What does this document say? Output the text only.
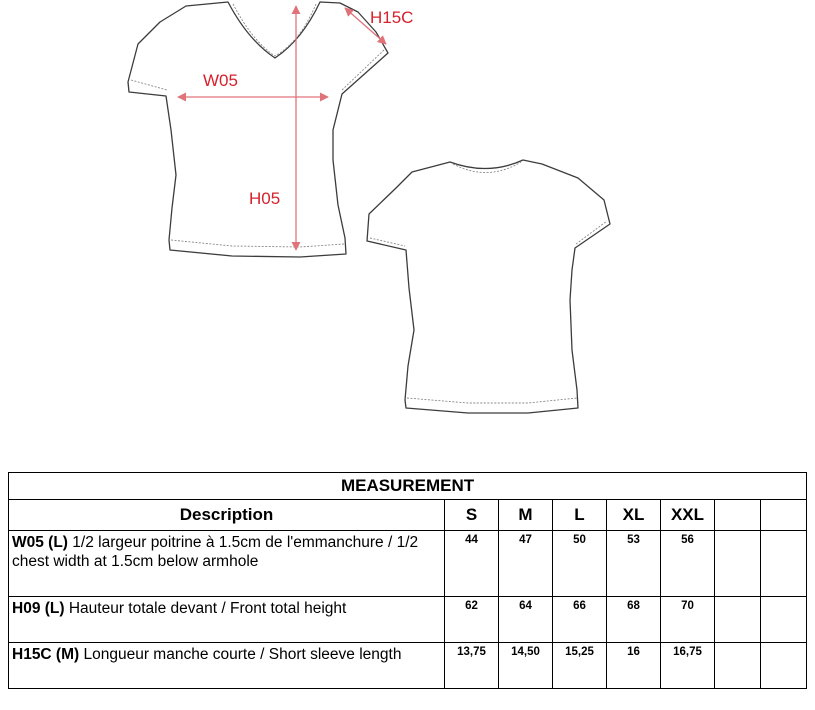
W05
H05
H15C
MEASUREMENT							
Description	S	M	L	XL	XXL		
W05 (L) 1/2 largeur poitrine à 1.5cm de l'emmanchure / 1/2 chest width at 1.5cm below armhole	44	47	50	53	56		
H09 (L) Hauteur totale devant / Front total height	62	64	66	68	70		
H15C (M) Longueur manche courte / Short sleeve length	13,75	14,50	15,25	16	16,75		
